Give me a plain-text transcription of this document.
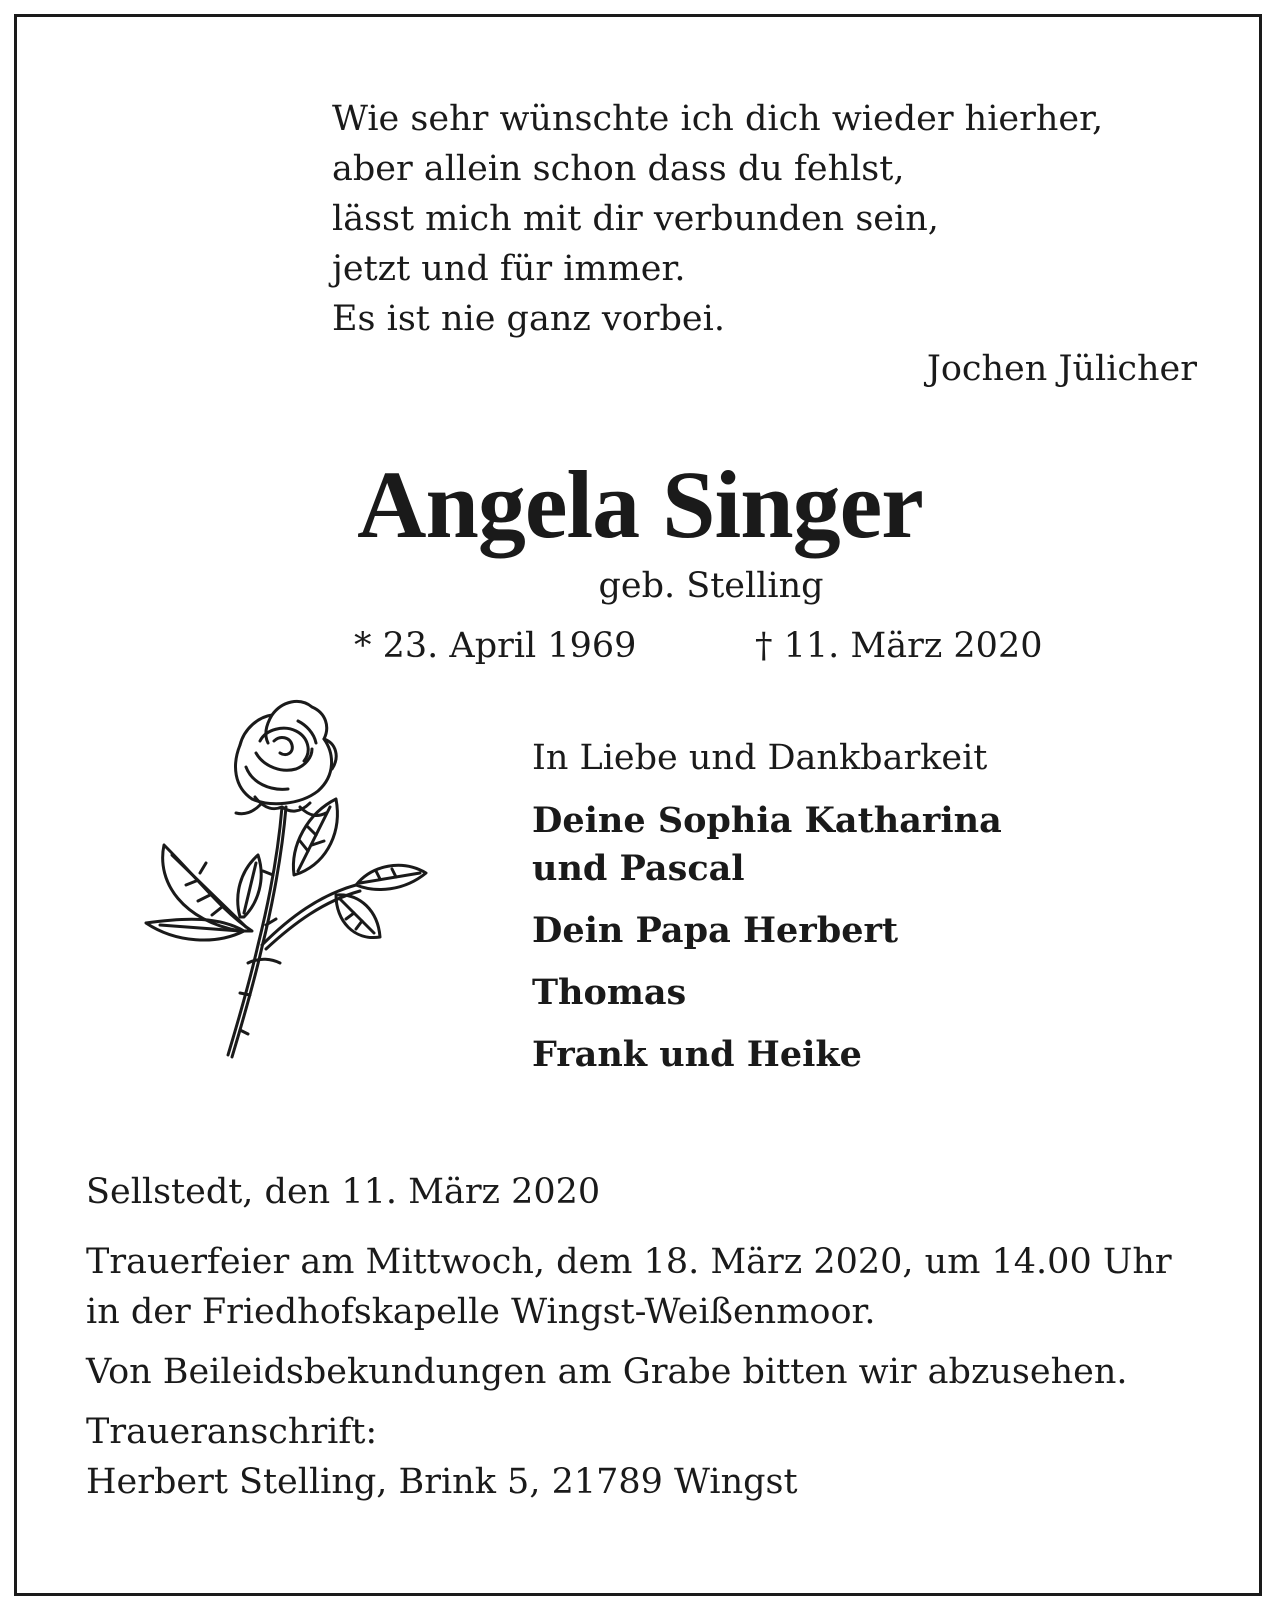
Wie sehr wünschte ich dich wieder hierher,
aber allein schon dass du fehlst,
lässt mich mit dir verbunden sein,
jetzt und für immer.
Es ist nie ganz vorbei.
Jochen Jülicher
Angela Singer
geb. Stelling
* 23. April 1969	† 11. März 2020
In Liebe und Dankbarkeit
Deine Sophia Katharina
und Pascal
Dein Papa Herbert
Thomas
Frank und Heike
Sellstedt, den 11. März 2020
Trauerfeier am Mittwoch, dem 18. März 2020, um 14.00 Uhr
in der Friedhofskapelle Wingst-Weißenmoor.
Von Beileidsbekundungen am Grabe bitten wir abzusehen.
Traueranschrift:
Herbert Stelling, Brink 5, 21789 Wingst
